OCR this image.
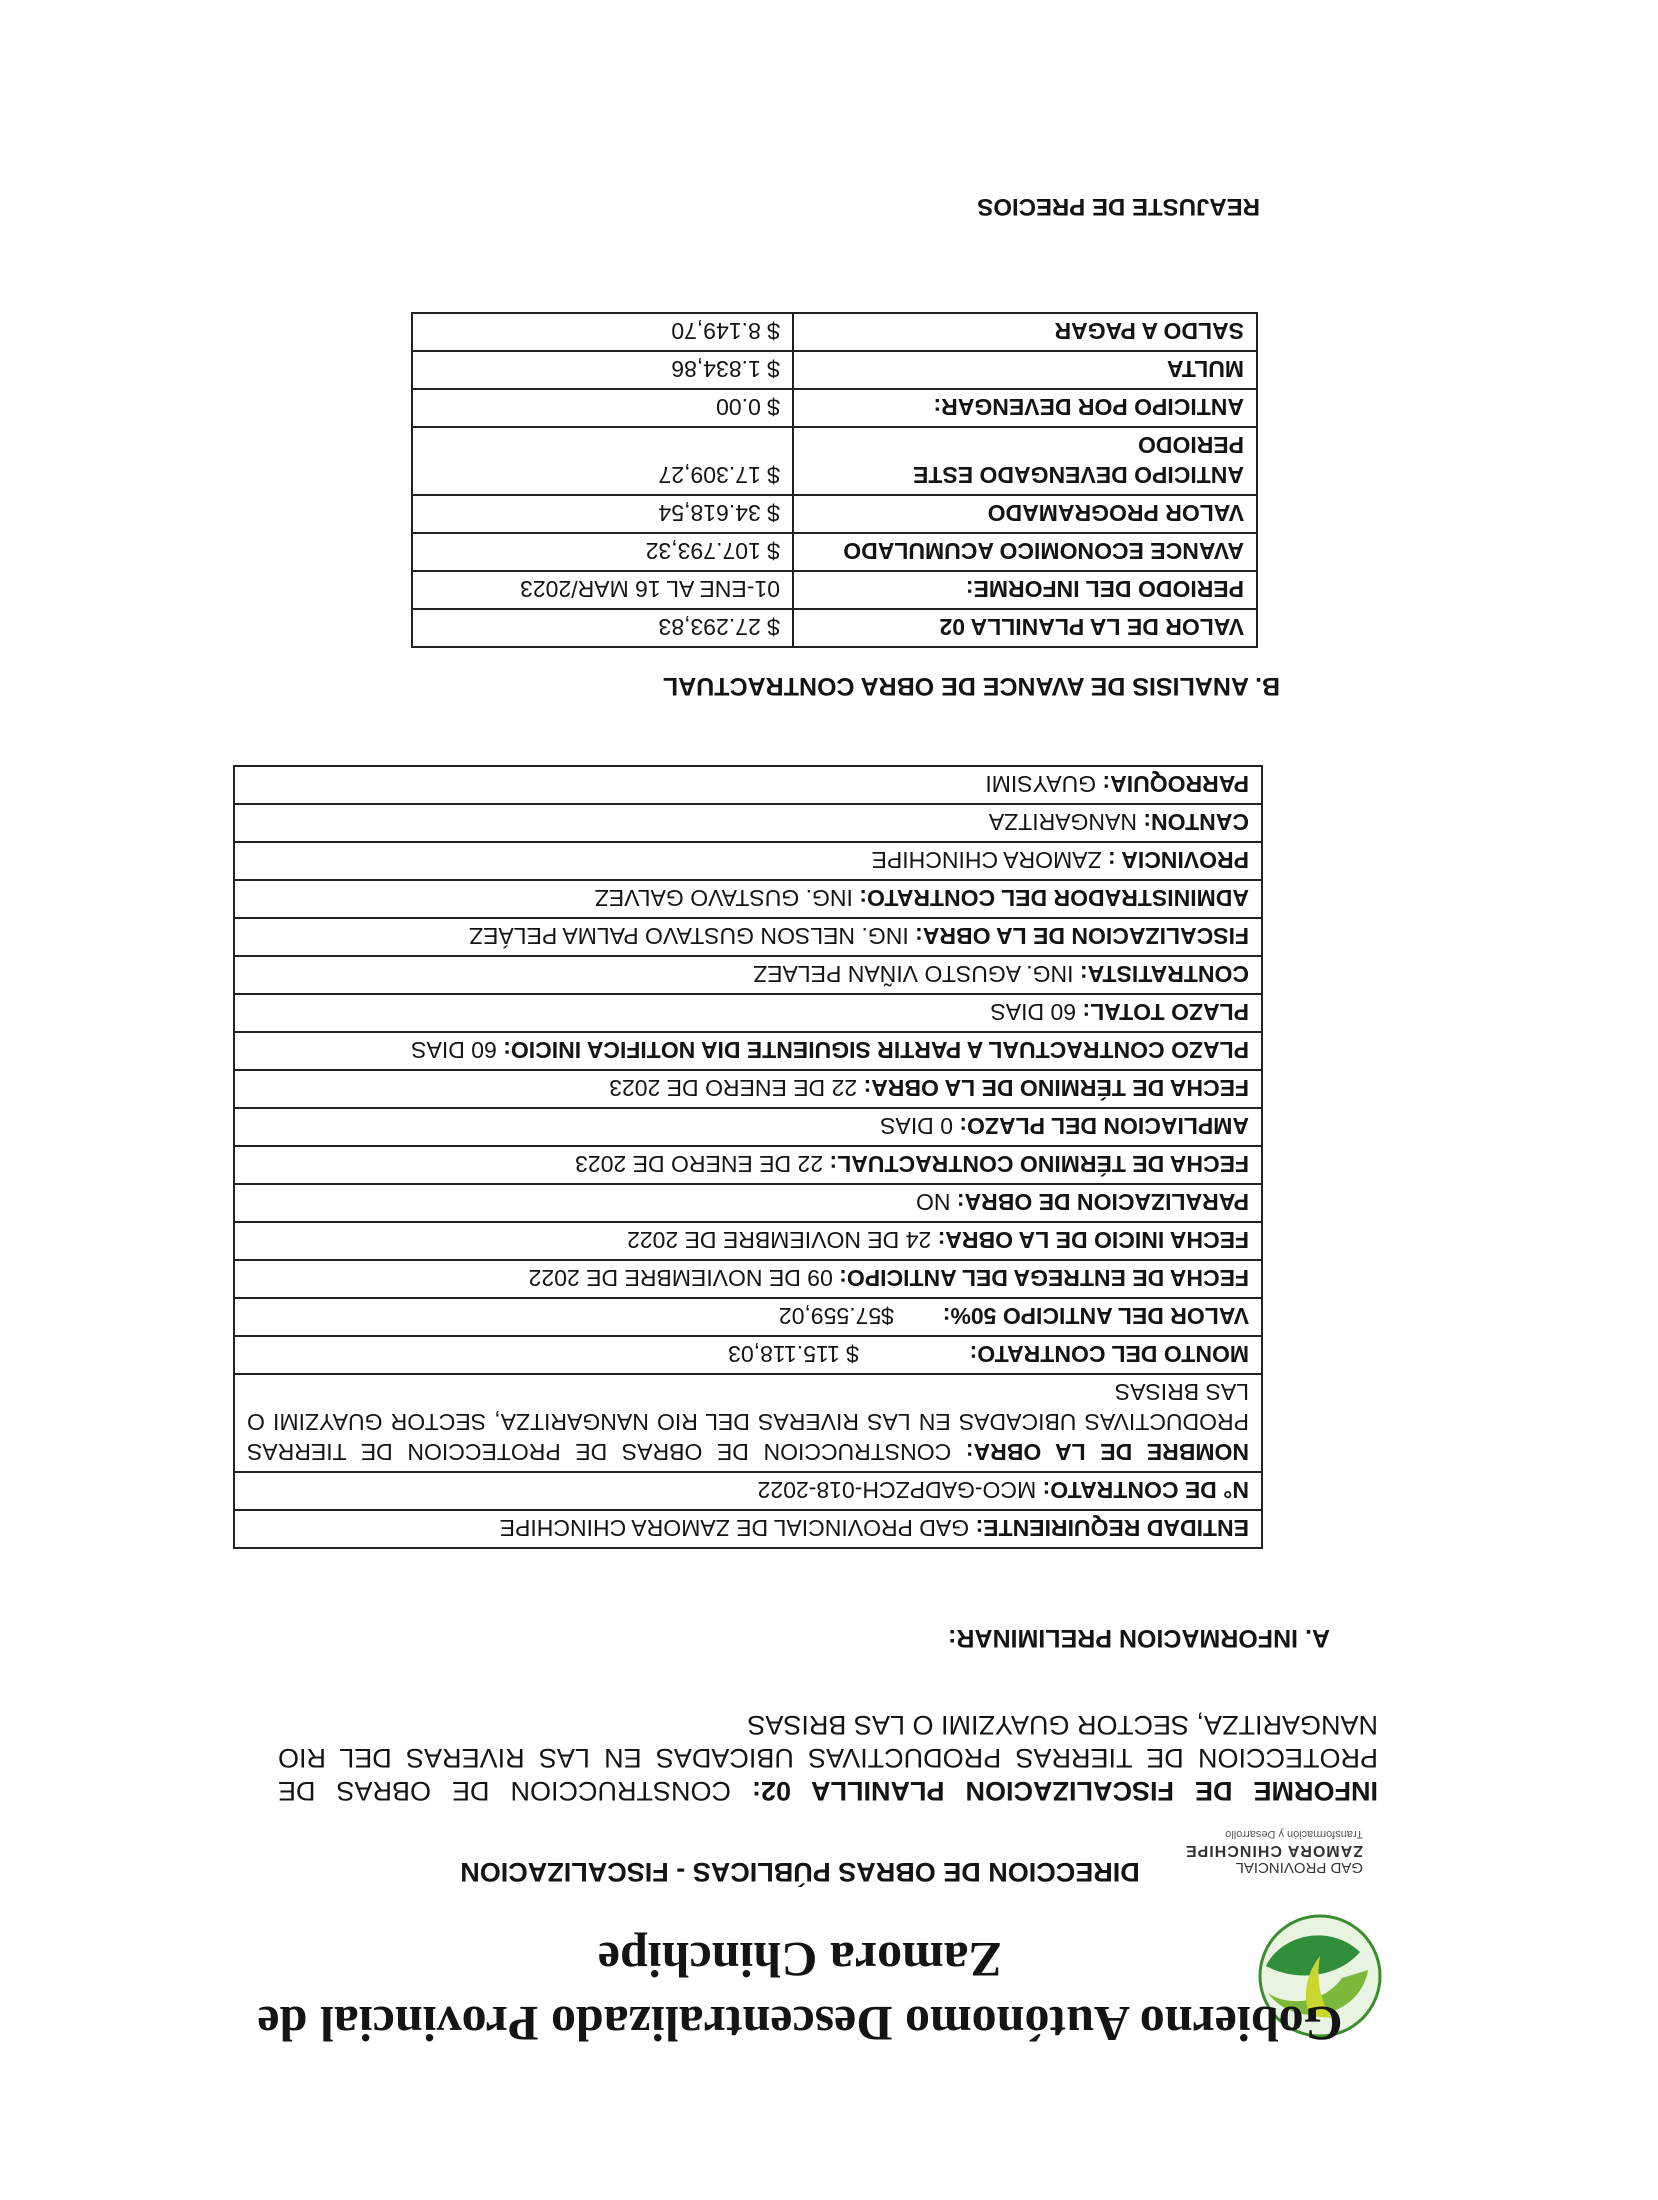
Gobierno Autónomo Descentralizado Provincial de
Zamora Chinchipe
GAD PROVINCIAL
ZAMORA CHINCHIPE
Transformación y Desarrollo
DIRECCION DE OBRAS PÚBLICAS - FISCALIZACION
INFORME DE FISCALIZACION PLANILLA 02: CONSTRUCCION DE OBRAS DE PROTECCION DE TIERRAS PRODUCTIVAS UBICADAS EN LAS RIVERAS DEL RIO NANGARITZA, SECTOR GUAYZIMI O LAS BRISAS
A. INFORMACION PRELIMINAR:
ENTIDAD REQUIRIENTE: GAD PROVINCIAL DE ZAMORA CHINCHIPE
N° DE CONTRATO: MCO-GADPZCH-018-2022
NOMBRE DE LA OBRA: CONSTRUCCION DE OBRAS DE PROTECCION DE TIERRAS PRODUCTIVAS UBICADAS EN LAS RIVERAS DEL RIO NANGARITZA, SECTOR GUAYZIMI O LAS BRISAS
MONTO DEL CONTRATO:$ 115.118,03
VALOR DEL ANTICIPO 50%:$57.559,02
FECHA DE ENTREGA DEL ANTICIPO: 09 DE NOVIEMBRE DE 2022
FECHA INICIO DE LA OBRA: 24 DE NOVIEMBRE DE 2022
PARALIZACION DE OBRA: NO
FECHA DE TÉRMINO CONTRACTUAL: 22 DE ENERO DE 2023
AMPLIACION DEL PLAZO: 0 DIAS
FECHA DE TÉRMINO DE LA OBRA: 22 DE ENERO DE 2023
PLAZO CONTRACTUAL A PARTIR SIGUIENTE DIA NOTIFICA INICIO: 60 DIAS
PLAZO TOTAL: 60 DIAS
CONTRATISTA: ING. AGUSTO VIÑAN PELAEZ
FISCALIZACION DE LA OBRA: ING. NELSON GUSTAVO PALMA PELÁEZ
ADMINISTRADOR DEL CONTRATO: ING. GUSTAVO GALVEZ
PROVINCIA : ZAMORA CHINCHIPE
CANTON: NANGARITZA
PARROQUIA: GUAYSIMI
B. ANALISIS DE AVANCE DE OBRA CONTRACTUAL
VALOR DE LA PLANILLA 02	$ 27.293,83
PERIODO DEL INFORME:	01-ENE AL 16 MAR/2023
AVANCE ECONOMICO ACUMULADO	$ 107.793,32
VALOR PROGRAMADO	$ 34.618,54
ANTICIPO DEVENGADO ESTE PERIODO	$ 17.309,27
ANTICIPO POR DEVENGAR:	$ 0.00
MULTA	$ 1.834,86
SALDO A PAGAR	$ 8.149,70
REAJUSTE DE PRECIOS
